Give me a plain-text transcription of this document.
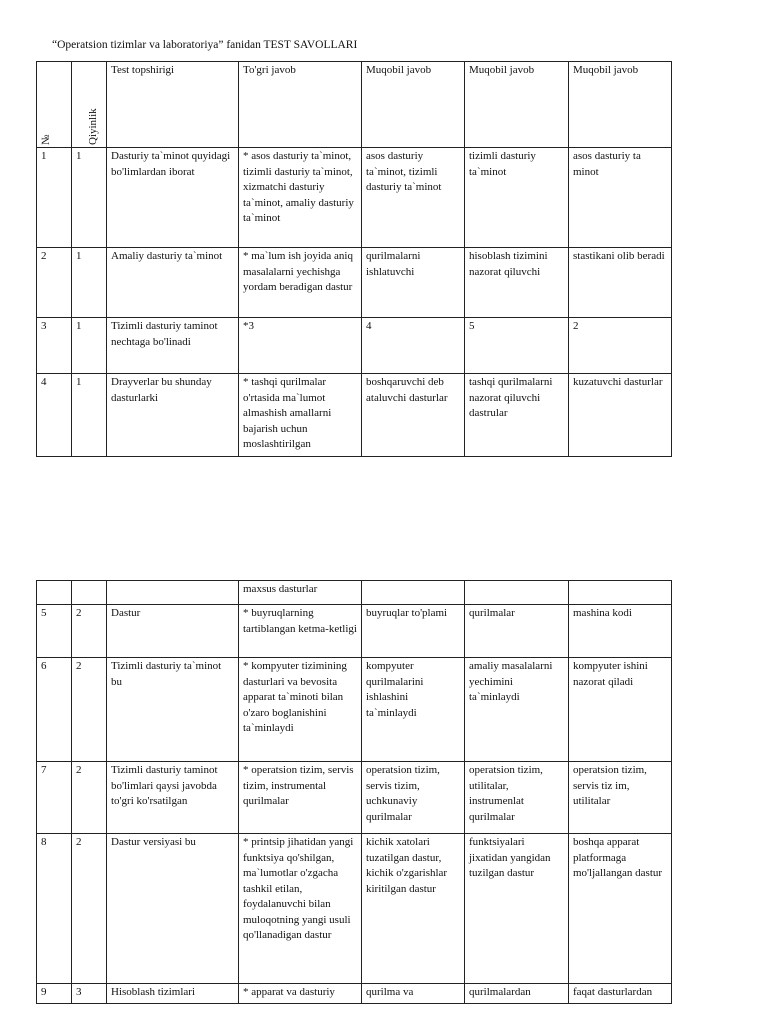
“Operatsion tizimlar va laboratoriya” fanidan TEST SAVOLLARI
№	Qiyinlik	Test topshirigi	To'gri javob	Muqobil javob	Muqobil javob	Muqobil javob
1	1	Dasturiy ta`minot quyidagi bo'limlardan iborat	* asos dasturiy ta`minot, tizimli dasturiy ta`minot, xizmatchi dasturiy ta`minot, amaliy dasturiy ta`minot	asos dasturiy ta`minot, tizimli dasturiy ta`minot	tizimli dasturiy ta`minot	asos dasturiy ta minot
2	1	Amaliy dasturiy ta`minot	* ma`lum ish joyida aniq masalalarni yechishga yordam beradigan dastur	qurilmalarni ishlatuvchi	hisoblash tizimini nazorat qiluvchi	stastikani olib beradi
3	1	Tizimli dasturiy taminot nechtaga bo'linadi	*3	4	5	2
4	1	Drayverlar bu shunday dasturlarki	* tashqi qurilmalar o'rtasida ma`lumot almashish amallarni bajarish uchun moslashtirilgan	boshqaruvchi deb ataluvchi dasturlar	tashqi qurilmalarni nazorat qiluvchi dastrular	kuzatuvchi dasturlar
			maxsus dasturlar			
5	2	Dastur	* buyruqlarning tartiblangan ketma-ketligi	buyruqlar to'plami	qurilmalar	mashina kodi
6	2	Tizimli dasturiy ta`minot bu	* kompyuter tizimining dasturlari va bevosita apparat ta`minoti bilan o'zaro boglanishini ta`minlaydi	kompyuter qurilmalarini ishlashini ta`minlaydi	amaliy masalalarni yechimini ta`minlaydi	kompyuter ishini nazorat qiladi
7	2	Tizimli dasturiy taminot bo'limlari qaysi javobda to'gri ko'rsatilgan	* operatsion tizim, servis tizim, instrumental qurilmalar	operatsion tizim, servis tizim, uchkunaviy qurilmalar	operatsion tizim, utilitalar, instrumenlat qurilmalar	operatsion tizim, servis tiz im, utilitalar
8	2	Dastur versiyasi bu	* printsip jihatidan yangi funktsiya qo'shilgan, ma`lumotlar o'zgacha tashkil etilan, foydalanuvchi bilan muloqotning yangi usuli qo'llanadigan dastur	kichik xatolari tuzatilgan dastur, kichik o'zgarishlar kiritilgan dastur	funktsiyalari jixatidan yangidan tuzilgan dastur	boshqa apparat platformaga mo'ljallangan dastur
9	3	Hisoblash tizimlari	* apparat va dasturiy	qurilma va	qurilmalardan	faqat dasturlardan
